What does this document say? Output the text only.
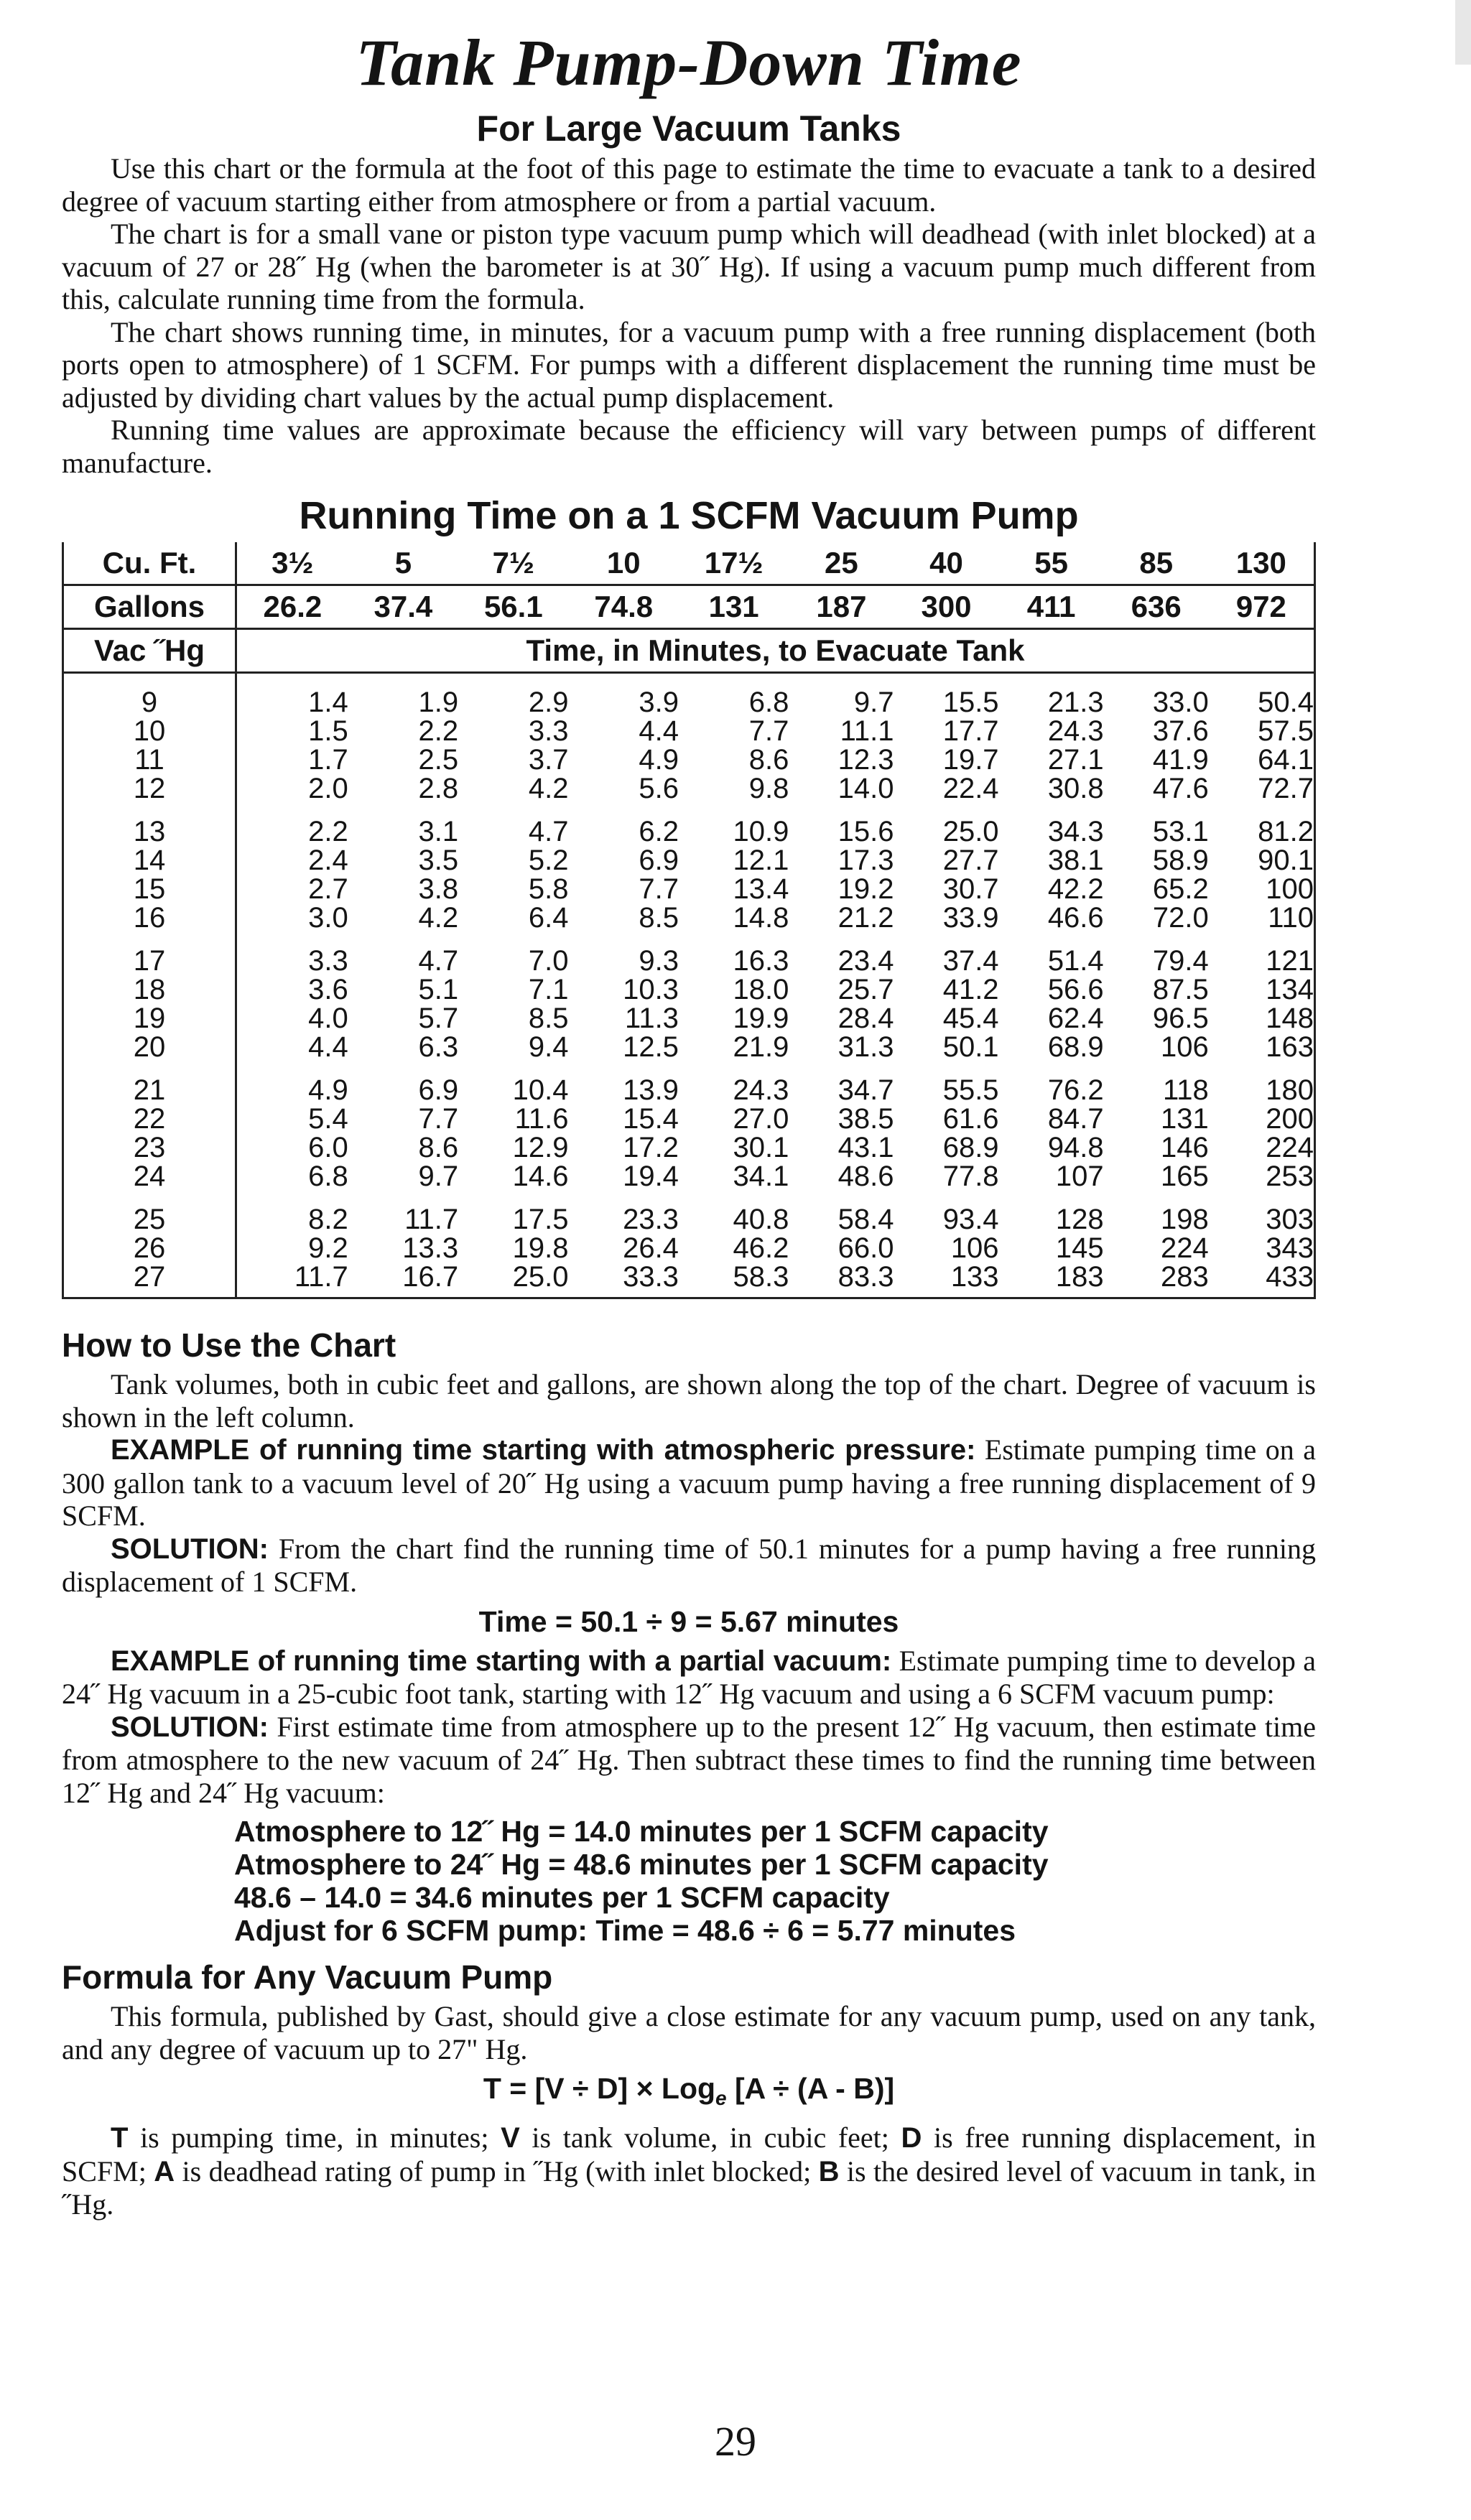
Tank Pump-Down Time
For Large Vacuum Tanks

Use this chart or the formula at the foot of this page to estimate the time to evacuate a tank to a desired degree of vacuum starting either from atmosphere or from a partial vacuum.

The chart is for a small vane or piston type vacuum pump which will deadhead (with inlet blocked) at a vacuum of 27 or 28˝ Hg (when the barometer is at 30˝ Hg). If using a vacuum pump much different from this, calculate running time from the formula.

The chart shows running time, in minutes, for a vacuum pump with a free running displacement (both ports open to atmosphere) of 1 SCFM. For pumps with a different displacement the running time must be adjusted by dividing chart values by the actual pump displacement.

Running time values are approximate because the efficiency will vary between pumps of different manufacture.

Running Time on a 1 SCFM Vacuum Pump
Cu. Ft.	3½	5	7½	10	17½	25	40	55	85	130
Gallons	26.2	37.4	56.1	74.8	131	187	300	411	636	972
Vac ˝Hg	Time, in Minutes, to Evacuate Tank									

9	1.4	1.9	2.9	3.9	6.8	9.7	15.5	21.3	33.0	50.4
10	1.5	2.2	3.3	4.4	7.7	11.1	17.7	24.3	37.6	57.5
11	1.7	2.5	3.7	4.9	8.6	12.3	19.7	27.1	41.9	64.1
12	2.0	2.8	4.2	5.6	9.8	14.0	22.4	30.8	47.6	72.7

13	2.2	3.1	4.7	6.2	10.9	15.6	25.0	34.3	53.1	81.2
14	2.4	3.5	5.2	6.9	12.1	17.3	27.7	38.1	58.9	90.1
15	2.7	3.8	5.8	7.7	13.4	19.2	30.7	42.2	65.2	100
16	3.0	4.2	6.4	8.5	14.8	21.2	33.9	46.6	72.0	110

17	3.3	4.7	7.0	9.3	16.3	23.4	37.4	51.4	79.4	121
18	3.6	5.1	7.1	10.3	18.0	25.7	41.2	56.6	87.5	134
19	4.0	5.7	8.5	11.3	19.9	28.4	45.4	62.4	96.5	148
20	4.4	6.3	9.4	12.5	21.9	31.3	50.1	68.9	106	163

21	4.9	6.9	10.4	13.9	24.3	34.7	55.5	76.2	118	180
22	5.4	7.7	11.6	15.4	27.0	38.5	61.6	84.7	131	200
23	6.0	8.6	12.9	17.2	30.1	43.1	68.9	94.8	146	224
24	6.8	9.7	14.6	19.4	34.1	48.6	77.8	107	165	253

25	8.2	11.7	17.5	23.3	40.8	58.4	93.4	128	198	303
26	9.2	13.3	19.8	26.4	46.2	66.0	106	145	224	343
27	11.7	16.7	25.0	33.3	58.3	83.3	133	183	283	433

How to Use the Chart

Tank volumes, both in cubic feet and gallons, are shown along the top of the chart. Degree of vacuum is shown in the left column.

EXAMPLE of running time starting with atmospheric pressure: Estimate pumping time on a 300 gallon tank to a vacuum level of 20˝ Hg using a vacuum pump having a free running displacement of 9 SCFM.

SOLUTION: From the chart find the running time of 50.1 minutes for a pump having a free running displacement of 1 SCFM.

Time = 50.1 ÷ 9 = 5.67 minutes

EXAMPLE of running time starting with a partial vacuum: Estimate pumping time to develop a 24˝ Hg vacuum in a 25-cubic foot tank, starting with 12˝ Hg vacuum and using a 6 SCFM vacuum pump:

SOLUTION: First estimate time from atmosphere up to the present 12˝ Hg vacuum, then estimate time from atmosphere to the new vacuum of 24˝ Hg. Then subtract these times to find the running time between 12˝ Hg and 24˝ Hg vacuum:

Atmosphere to 12˝ Hg = 14.0 minutes per 1 SCFM capacity
Atmosphere to 24˝ Hg = 48.6 minutes per 1 SCFM capacity
48.6 – 14.0 = 34.6 minutes per 1 SCFM capacity
Adjust for 6 SCFM pump: Time = 48.6 ÷ 6 = 5.77 minutes
Formula for Any Vacuum Pump

This formula, published by Gast, should give a close estimate for any vacuum pump, used on any tank, and any degree of vacuum up to 27" Hg.

T = [V ÷ D] × Log$_e$ [A ÷ (A - B)]

T is pumping time, in minutes; V is tank volume, in cubic feet; D is free running displacement, in SCFM; A is deadhead rating of pump in ˝Hg (with inlet blocked; B is the desired level of vacuum in tank, in ˝Hg.

29
